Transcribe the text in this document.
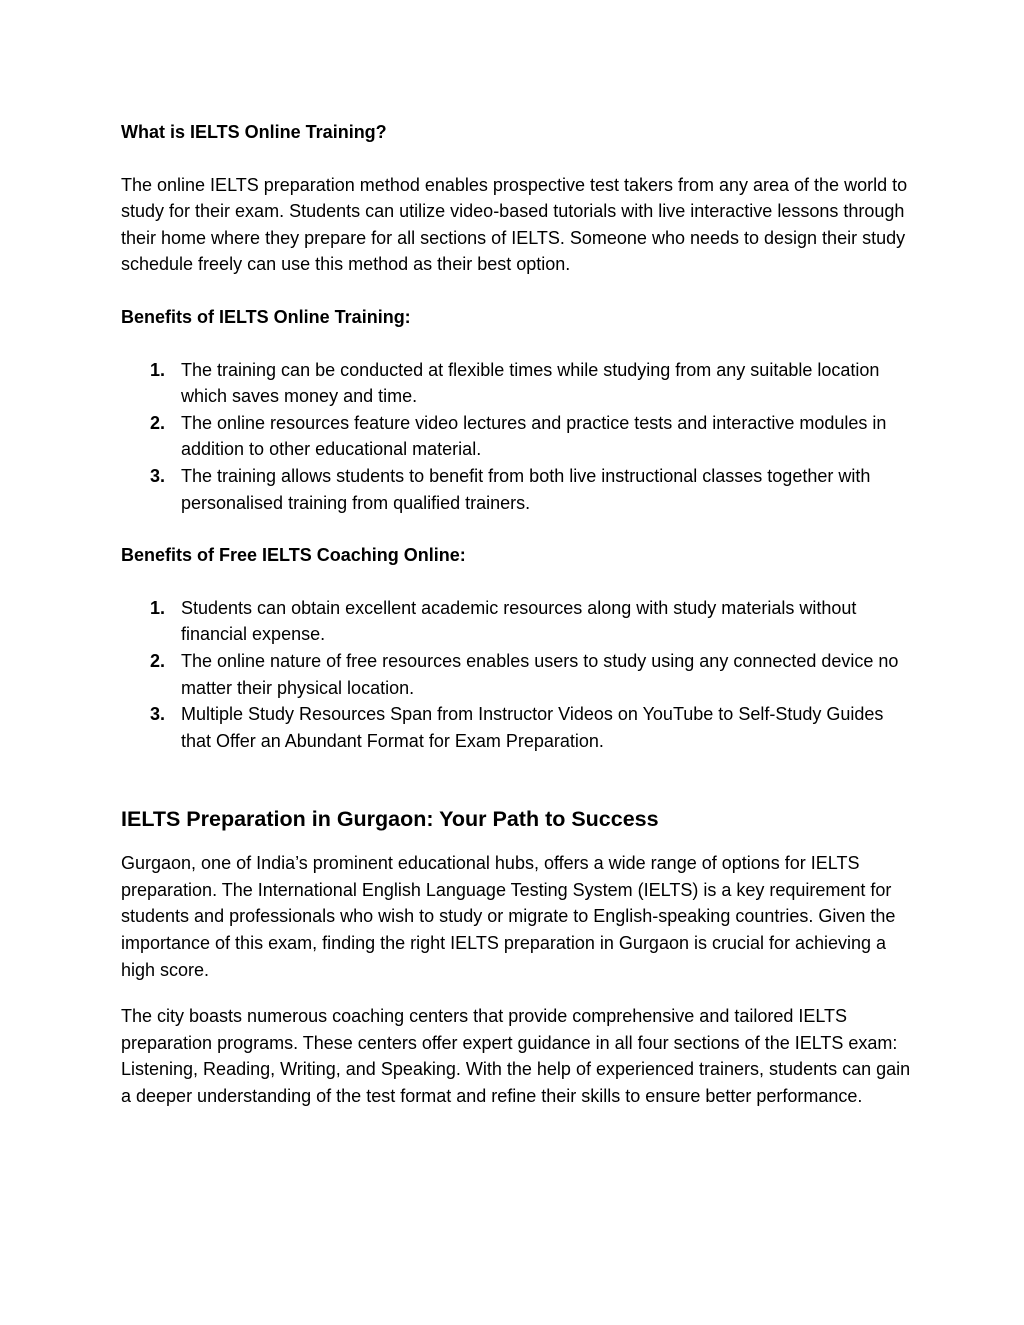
What is IELTS Online Training?

The online IELTS preparation method enables prospective test takers from any area of the world to study for their exam. Students can utilize video-based tutorials with live interactive lessons through their home where they prepare for all sections of IELTS. Someone who needs to design their study schedule freely can use this method as their best option.

Benefits of IELTS Online Training:
1. The training can be conducted at flexible times while studying from any suitable location which saves money and time.
2. The online resources feature video lectures and practice tests and interactive modules in addition to other educational material.
3. The training allows students to benefit from both live instructional classes together with personalised training from qualified trainers.
Benefits of Free IELTS Coaching Online:
1. Students can obtain excellent academic resources along with study materials without financial expense.
2. The online nature of free resources enables users to study using any connected device no matter their physical location.
3. Multiple Study Resources Span from Instructor Videos on YouTube to Self-Study Guides that Offer an Abundant Format for Exam Preparation.
IELTS Preparation in Gurgaon: Your Path to Success

Gurgaon, one of India’s prominent educational hubs, offers a wide range of options for IELTS preparation. The International English Language Testing System (IELTS) is a key requirement for students and professionals who wish to study or migrate to English-speaking countries. Given the importance of this exam, finding the right IELTS preparation in Gurgaon is crucial for achieving a high score.

The city boasts numerous coaching centers that provide comprehensive and tailored IELTS preparation programs. These centers offer expert guidance in all four sections of the IELTS exam: Listening, Reading, Writing, and Speaking. With the help of experienced trainers, students can gain a deeper understanding of the test format and refine their skills to ensure better performance.
